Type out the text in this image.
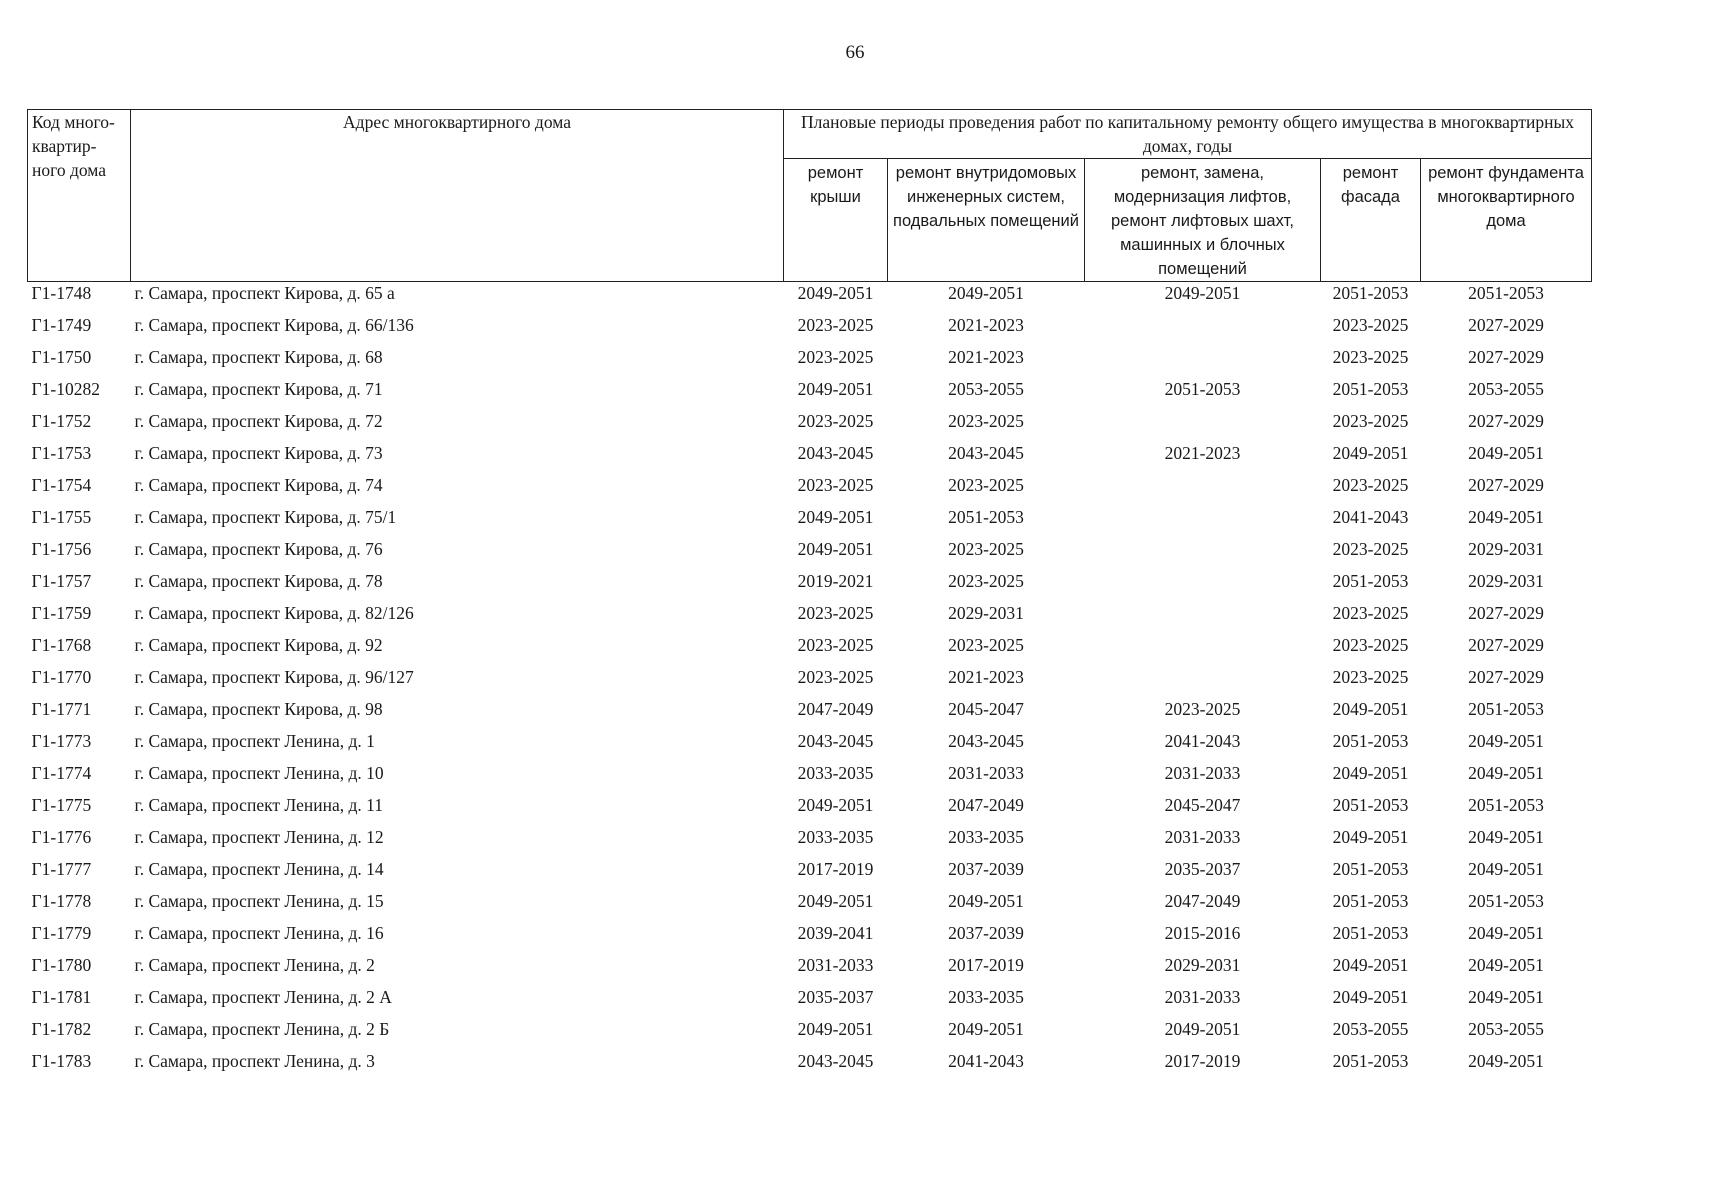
66
Код много-квартир-ного дома	Адрес многоквартирного дома	Плановые периоды проведения работ по капитальному ремонту общего имущества в многоквартирных домах, годы				
		ремонт крыши	ремонт внутридомовых инженерных систем, подвальных помещений	ремонт, замена, модернизация лифтов, ремонт лифтовых шахт, машинных и блочных помещений	ремонт фасада	ремонт фундамента многоквартирного дома
Г1-1748	г. Самара, проспект Кирова, д. 65 а	2049-2051	2049-2051	2049-2051	2051-2053	2051-2053
Г1-1749	г. Самара, проспект Кирова, д. 66/136	2023-2025	2021-2023		2023-2025	2027-2029
Г1-1750	г. Самара, проспект Кирова, д. 68	2023-2025	2021-2023		2023-2025	2027-2029
Г1-10282	г. Самара, проспект Кирова, д. 71	2049-2051	2053-2055	2051-2053	2051-2053	2053-2055
Г1-1752	г. Самара, проспект Кирова, д. 72	2023-2025	2023-2025		2023-2025	2027-2029
Г1-1753	г. Самара, проспект Кирова, д. 73	2043-2045	2043-2045	2021-2023	2049-2051	2049-2051
Г1-1754	г. Самара, проспект Кирова, д. 74	2023-2025	2023-2025		2023-2025	2027-2029
Г1-1755	г. Самара, проспект Кирова, д. 75/1	2049-2051	2051-2053		2041-2043	2049-2051
Г1-1756	г. Самара, проспект Кирова, д. 76	2049-2051	2023-2025		2023-2025	2029-2031
Г1-1757	г. Самара, проспект Кирова, д. 78	2019-2021	2023-2025		2051-2053	2029-2031
Г1-1759	г. Самара, проспект Кирова, д. 82/126	2023-2025	2029-2031		2023-2025	2027-2029
Г1-1768	г. Самара, проспект Кирова, д. 92	2023-2025	2023-2025		2023-2025	2027-2029
Г1-1770	г. Самара, проспект Кирова, д. 96/127	2023-2025	2021-2023		2023-2025	2027-2029
Г1-1771	г. Самара, проспект Кирова, д. 98	2047-2049	2045-2047	2023-2025	2049-2051	2051-2053
Г1-1773	г. Самара, проспект Ленина, д. 1	2043-2045	2043-2045	2041-2043	2051-2053	2049-2051
Г1-1774	г. Самара, проспект Ленина, д. 10	2033-2035	2031-2033	2031-2033	2049-2051	2049-2051
Г1-1775	г. Самара, проспект Ленина, д. 11	2049-2051	2047-2049	2045-2047	2051-2053	2051-2053
Г1-1776	г. Самара, проспект Ленина, д. 12	2033-2035	2033-2035	2031-2033	2049-2051	2049-2051
Г1-1777	г. Самара, проспект Ленина, д. 14	2017-2019	2037-2039	2035-2037	2051-2053	2049-2051
Г1-1778	г. Самара, проспект Ленина, д. 15	2049-2051	2049-2051	2047-2049	2051-2053	2051-2053
Г1-1779	г. Самара, проспект Ленина, д. 16	2039-2041	2037-2039	2015-2016	2051-2053	2049-2051
Г1-1780	г. Самара, проспект Ленина, д. 2	2031-2033	2017-2019	2029-2031	2049-2051	2049-2051
Г1-1781	г. Самара, проспект Ленина, д. 2 А	2035-2037	2033-2035	2031-2033	2049-2051	2049-2051
Г1-1782	г. Самара, проспект Ленина, д. 2 Б	2049-2051	2049-2051	2049-2051	2053-2055	2053-2055
Г1-1783	г. Самара, проспект Ленина, д. 3	2043-2045	2041-2043	2017-2019	2051-2053	2049-2051
